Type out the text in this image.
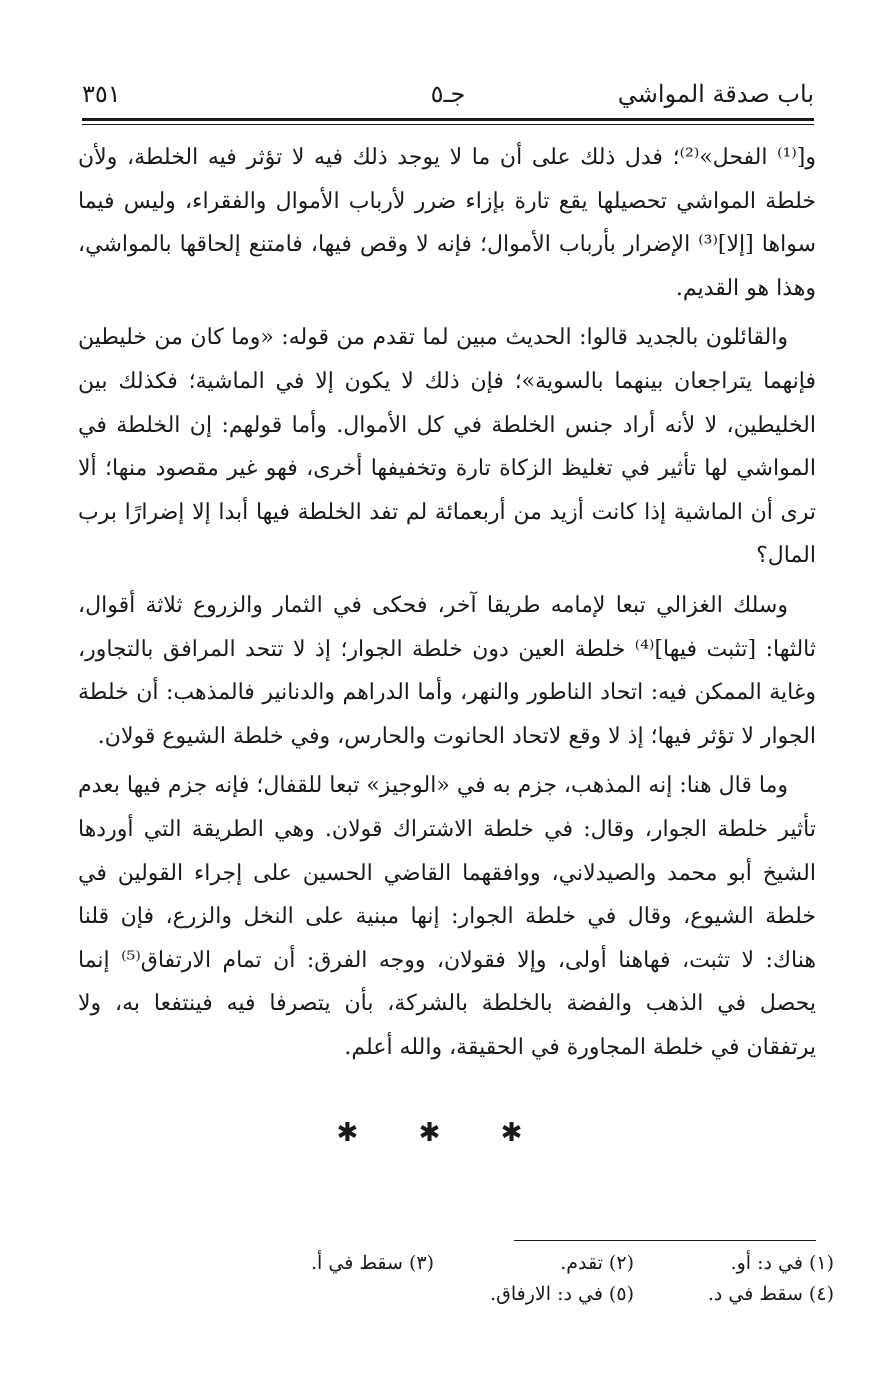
باب صدقة المواشي
جـ٥
٣٥١

و[⁽¹⁾ الفحل»⁽²⁾؛ فدل ذلك على أن ما لا يوجد ذلك فيه لا تؤثر فيه الخلطة، ولأن خلطة المواشي تحصيلها يقع تارة بإزاء ضرر لأرباب الأموال والفقراء، وليس فيما سواها [إلا]⁽³⁾ الإضرار بأرباب الأموال؛ فإنه لا وقص فيها، فامتنع إلحاقها بالمواشي، وهذا هو القديم.

والقائلون بالجديد قالوا: الحديث مبين لما تقدم من قوله: «وما كان من خليطين فإنهما يتراجعان بينهما بالسوية»؛ فإن ذلك لا يكون إلا في الماشية؛ فكذلك بين الخليطين، لا لأنه أراد جنس الخلطة في كل الأموال. وأما قولهم: إن الخلطة في المواشي لها تأثير في تغليظ الزكاة تارة وتخفيفها أخرى، فهو غير مقصود منها؛ ألا ترى أن الماشية إذا كانت أزيد من أربعمائة لم تفد الخلطة فيها أبدا إلا إضرارًا برب المال؟

وسلك الغزالي تبعا لإمامه طريقا آخر، فحكى في الثمار والزروع ثلاثة أقوال، ثالثها: [تثبت فيها]⁽⁴⁾ خلطة العين دون خلطة الجوار؛ إذ لا تتحد المرافق بالتجاور، وغاية الممكن فيه: اتحاد الناطور والنهر، وأما الدراهم والدنانير فالمذهب: أن خلطة الجوار لا تؤثر فيها؛ إذ لا وقع لاتحاد الحانوت والحارس، وفي خلطة الشيوع قولان.

وما قال هنا: إنه المذهب، جزم به في «الوجيز» تبعا للقفال؛ فإنه جزم فيها بعدم تأثير خلطة الجوار، وقال: في خلطة الاشتراك قولان. وهي الطريقة التي أوردها الشيخ أبو محمد والصيدلاني، ووافقهما القاضي الحسين على إجراء القولين في خلطة الشيوع، وقال في خلطة الجوار: إنها مبنية على النخل والزرع، فإن قلنا هناك: لا تثبت، فهاهنا أولى، وإلا فقولان، ووجه الفرق: أن تمام الارتفاق⁽⁵⁾ إنما يحصل في الذهب والفضة بالخلطة بالشركة، بأن يتصرفا فيه فينتفعا به، ولا يرتفقان في خلطة المجاورة في الحقيقة، والله أعلم.

✱ ✱ ✱
(١) في د: أو.
(٢) تقدم.
(٣) سقط في أ.
(٤) سقط في د.
(٥) في د: الارفاق.
